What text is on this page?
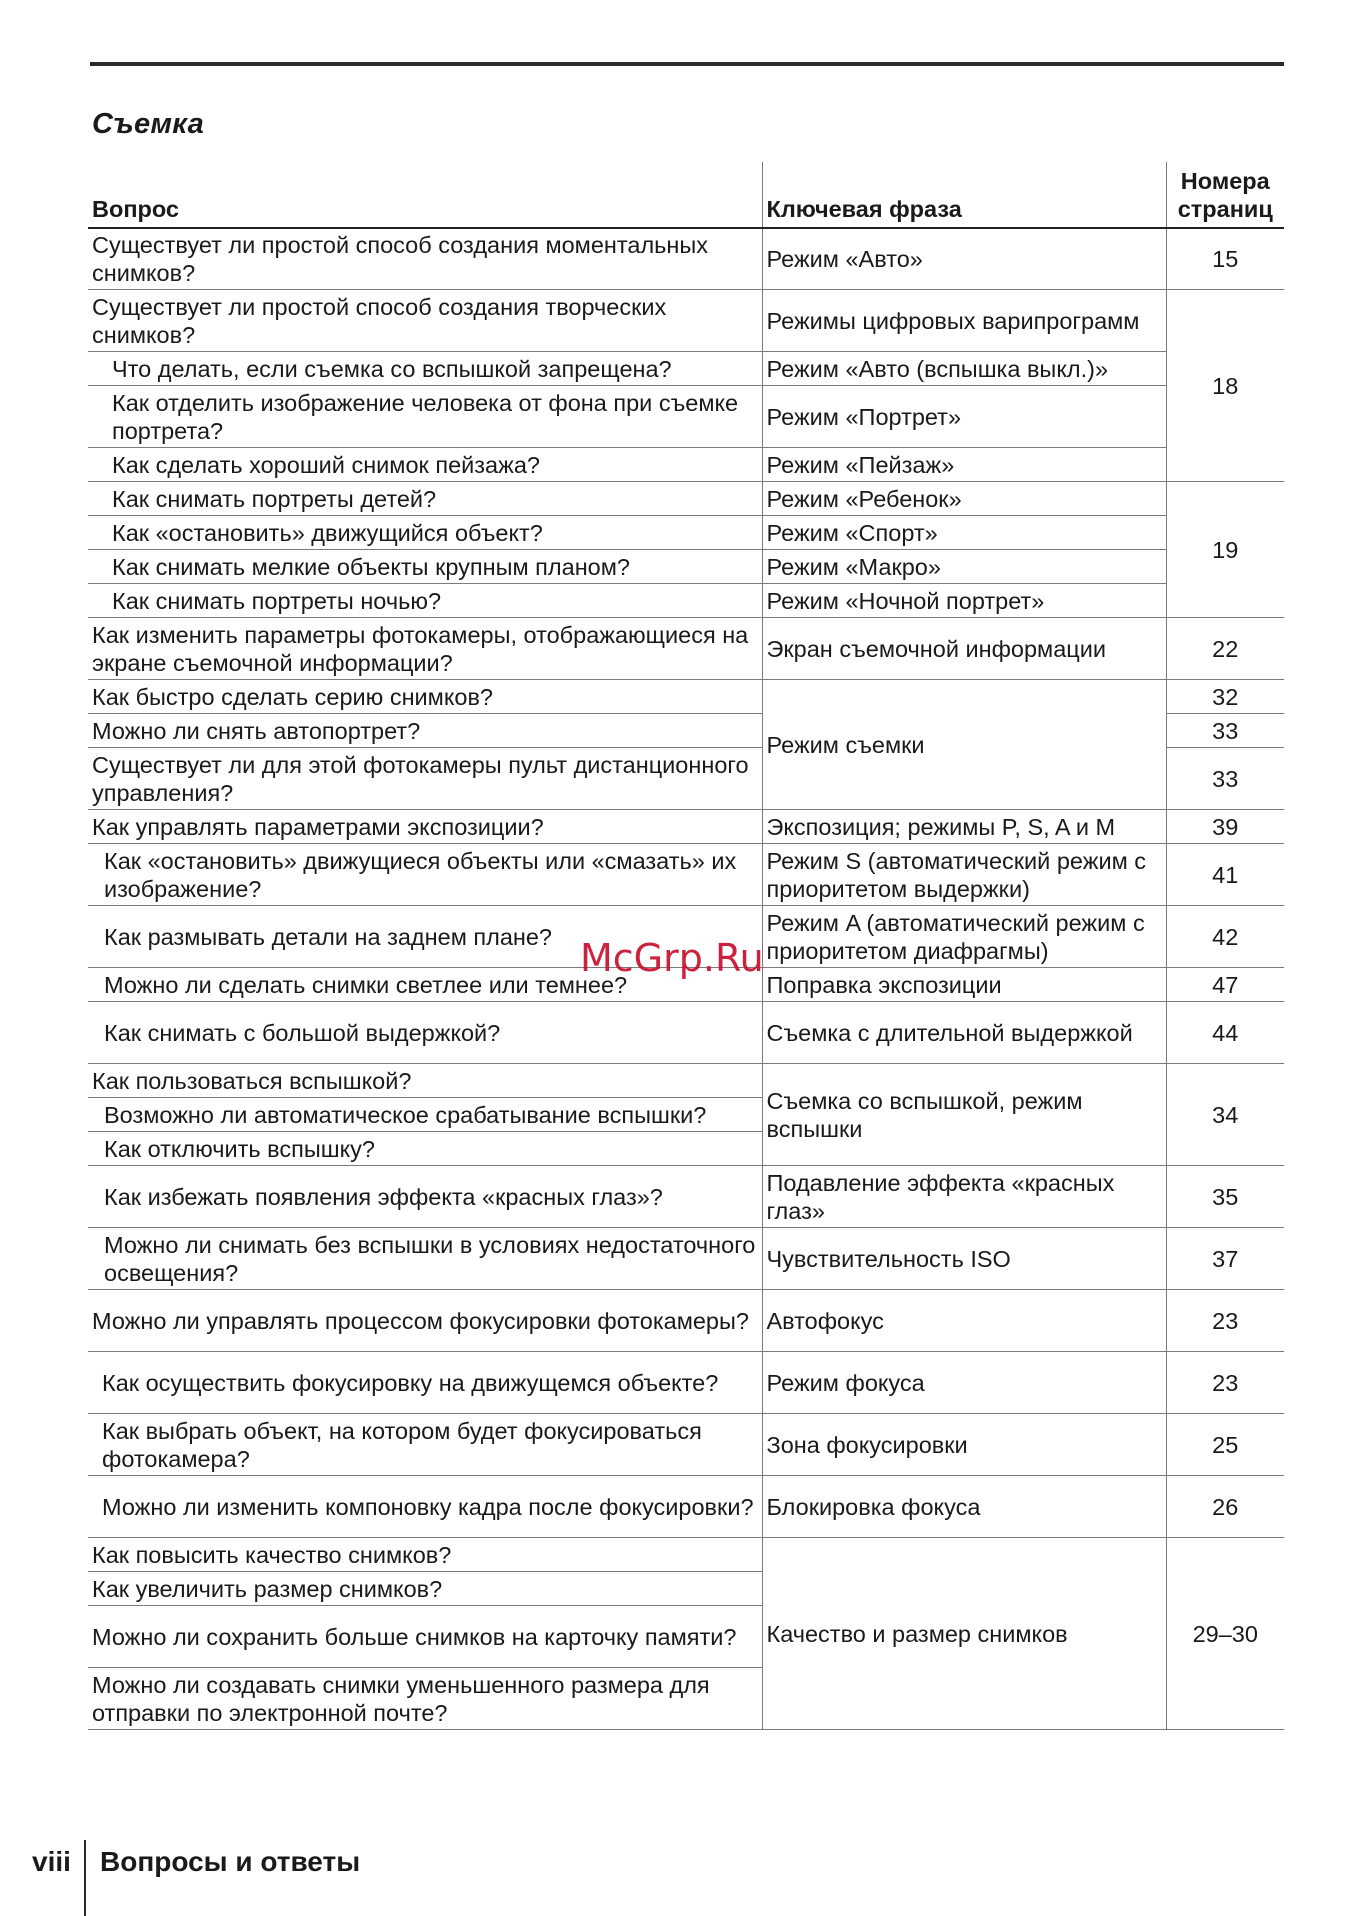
Съемка
Вопрос	Ключевая фраза	Номера
страниц
Существует ли простой способ создания моментальных снимков?	Режим «Авто»	15
Существует ли простой способ создания творческих снимков?	Режимы цифровых варипрограмм	18
Что делать, если съемка со вспышкой запрещена?	Режим «Авто (вспышка выкл.)»	
Как отделить изображение человека от фона при съемке портрета?	Режим «Портрет»	
Как сделать хороший снимок пейзажа?	Режим «Пейзаж»	
Как снимать портреты детей?	Режим «Ребенок»	19
Как «остановить» движущийся объект?	Режим «Спорт»	
Как снимать мелкие объекты крупным планом?	Режим «Макро»	
Как снимать портреты ночью?	Режим «Ночной портрет»	
Как изменить параметры фотокамеры, отображающиеся на экране съемочной информации?	Экран съемочной информации	22
Как быстро сделать серию снимков?	Режим съемки	32
Можно ли снять автопортрет?		33
Существует ли для этой фотокамеры пульт дистанционного управления?		33
Как управлять параметрами экспозиции?	Экспозиция; режимы P, S, A и M	39
Как «остановить» движущиеся объекты или «смазать» их изображение?	Режим S (автоматический режим с приоритетом выдержки)	41
Как размывать детали на заднем плане?	Режим A (автоматический режим с приоритетом диафрагмы)	42
Можно ли сделать снимки светлее или темнее?	Поправка экспозиции	47
Как снимать с большой выдержкой?	Съемка с длительной выдержкой	44
Как пользоваться вспышкой?	Съемка со вспышкой, режим вспышки	34
Возможно ли автоматическое срабатывание вспышки?		
Как отключить вспышку?		
Как избежать появления эффекта «красных глаз»?	Подавление эффекта «красных глаз»	35
Можно ли снимать без вспышки в условиях недостаточного освещения?	Чувствительность ISO	37
Можно ли управлять процессом фокусировки фотокамеры?	Автофокус	23
Как осуществить фокусировку на движущемся объекте?	Режим фокуса	23
Как выбрать объект, на котором будет фокусироваться фотокамера?	Зона фокусировки	25
Можно ли изменить компоновку кадра после фокусировки?	Блокировка фокуса	26
Как повысить качество снимков?	Качество и размер снимков	29–30
Как увеличить размер снимков?		
Можно ли сохранить больше снимков на карточку памяти?		
Можно ли создавать снимки уменьшенного размера для отправки по электронной почте?		
McGrp.Ru
viii Вопросы и ответы
